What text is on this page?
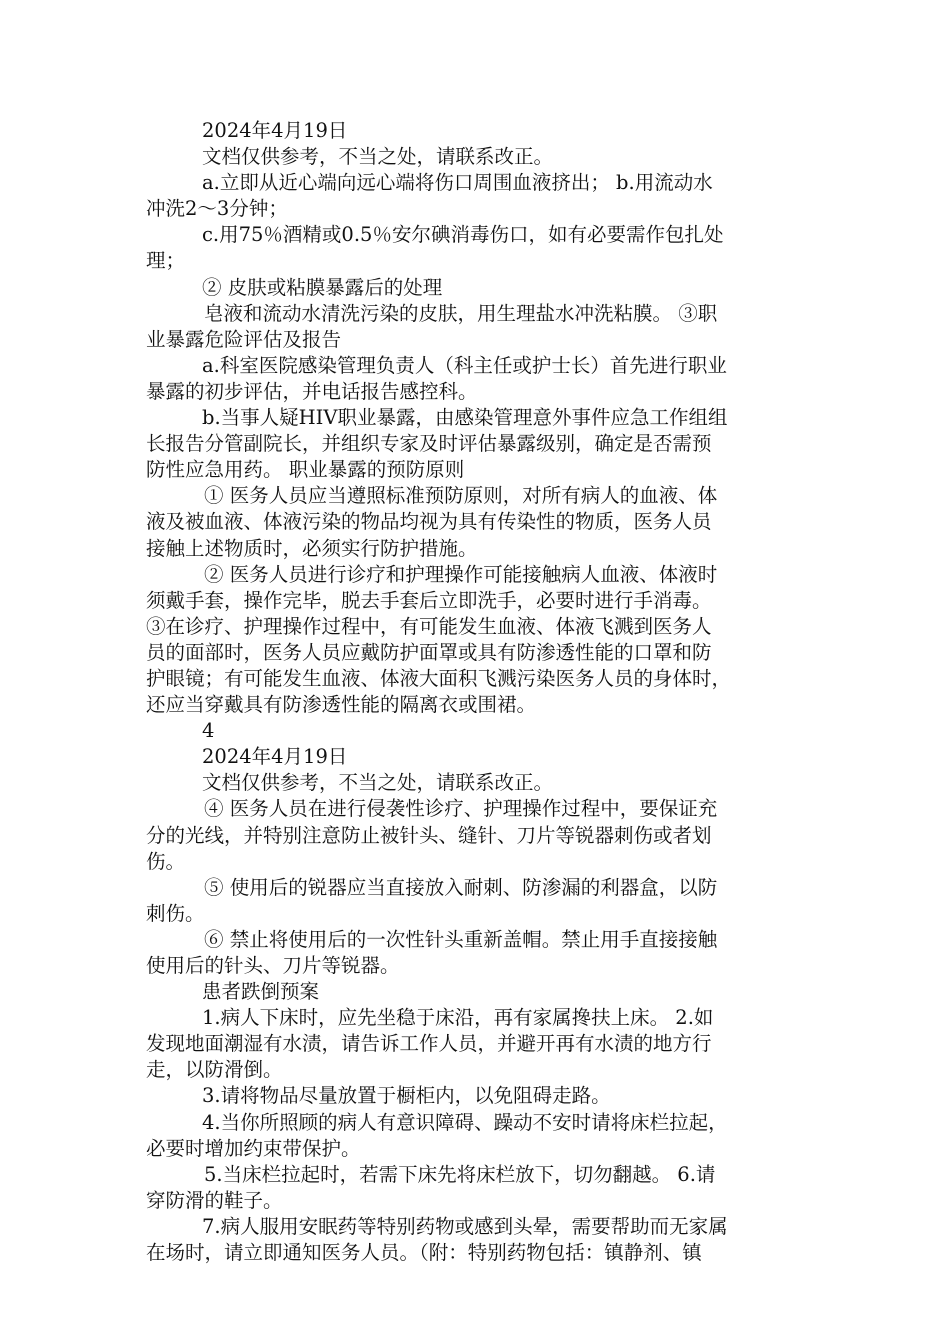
2024年4月19日
文档仅供参考，不当之处，请联系改正。
a.立即从近心端向远心端将伤口周围血液挤出； b.用流动水
冲洗2～3分钟；
c.用75％酒精或0.5％安尔碘消毒伤口，如有必要需作包扎处
理；
② 皮肤或粘膜暴露后的处理
皂液和流动水清洗污染的皮肤，用生理盐水冲洗粘膜。 ③职
业暴露危险评估及报告
a.科室医院感染管理负责人（科主任或护士长）首先进行职业
暴露的初步评估，并电话报告感控科。
b.当事人疑HIV职业暴露，由感染管理意外事件应急工作组组
长报告分管副院长，并组织专家及时评估暴露级别，确定是否需预
防性应急用药。 职业暴露的预防原则
① 医务人员应当遵照标准预防原则，对所有病人的血液、体
液及被血液、体液污染的物品均视为具有传染性的物质，医务人员
接触上述物质时，必须实行防护措施。
② 医务人员进行诊疗和护理操作可能接触病人血液、体液时
须戴手套，操作完毕，脱去手套后立即洗手，必要时进行手消毒。
③在诊疗、护理操作过程中，有可能发生血液、体液飞溅到医务人
员的面部时，医务人员应戴防护面罩或具有防渗透性能的口罩和防
护眼镜；有可能发生血液、体液大面积飞溅污染医务人员的身体时，
还应当穿戴具有防渗透性能的隔离衣或围裙。
4
2024年4月19日
文档仅供参考，不当之处，请联系改正。
④ 医务人员在进行侵袭性诊疗、护理操作过程中，要保证充
分的光线，并特别注意防止被针头、缝针、刀片等锐器刺伤或者划
伤。
⑤ 使用后的锐器应当直接放入耐刺、防渗漏的利器盒，以防
刺伤。
⑥ 禁止将使用后的一次性针头重新盖帽。禁止用手直接接触
使用后的针头、刀片等锐器。
患者跌倒预案
1.病人下床时，应先坐稳于床沿，再有家属搀扶上床。 2.如
发现地面潮湿有水渍，请告诉工作人员，并避开再有水渍的地方行
走，以防滑倒。
3.请将物品尽量放置于橱柜内，以免阻碍走路。
4.当你所照顾的病人有意识障碍、躁动不安时请将床栏拉起，
必要时增加约束带保护。
5.当床栏拉起时，若需下床先将床栏放下，切勿翻越。 6.请
穿防滑的鞋子。
7.病人服用安眠药等特别药物或感到头晕，需要帮助而无家属
在场时，请立即通知医务人员。（附：特别药物包括：镇静剂、镇
